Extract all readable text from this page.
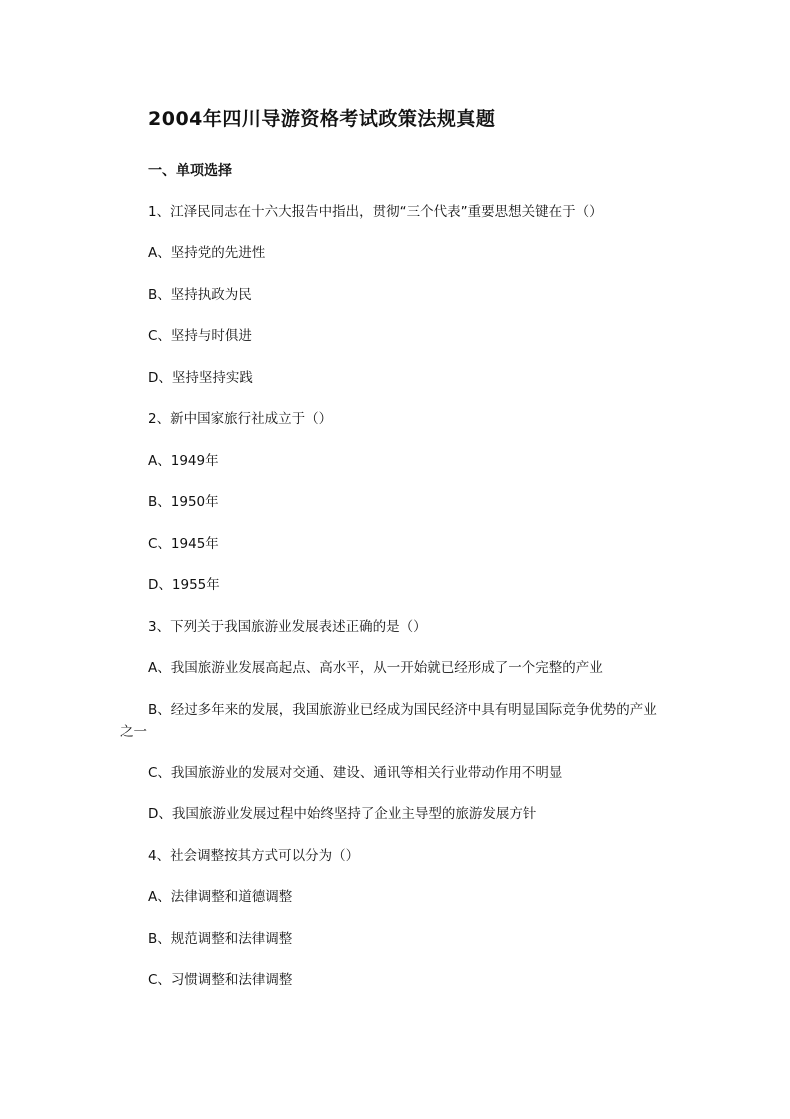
2004年四川导游资格考试政策法规真题
一、单项选择
1、江泽民同志在十六大报告中指出，贯彻“三个代表”重要思想关键在于（）
A、坚持党的先进性
B、坚持执政为民
C、坚持与时俱进
D、坚持坚持实践
2、新中国家旅行社成立于（）
A、1949年
B、1950年
C、1945年
D、1955年
3、下列关于我国旅游业发展表述正确的是（）
A、我国旅游业发展高起点、高水平，从一开始就已经形成了一个完整的产业
B、经过多年来的发展，我国旅游业已经成为国民经济中具有明显国际竞争优势的产业之一
C、我国旅游业的发展对交通、建设、通讯等相关行业带动作用不明显
D、我国旅游业发展过程中始终坚持了企业主导型的旅游发展方针
4、社会调整按其方式可以分为（）
A、法律调整和道德调整
B、规范调整和法律调整
C、习惯调整和法律调整
